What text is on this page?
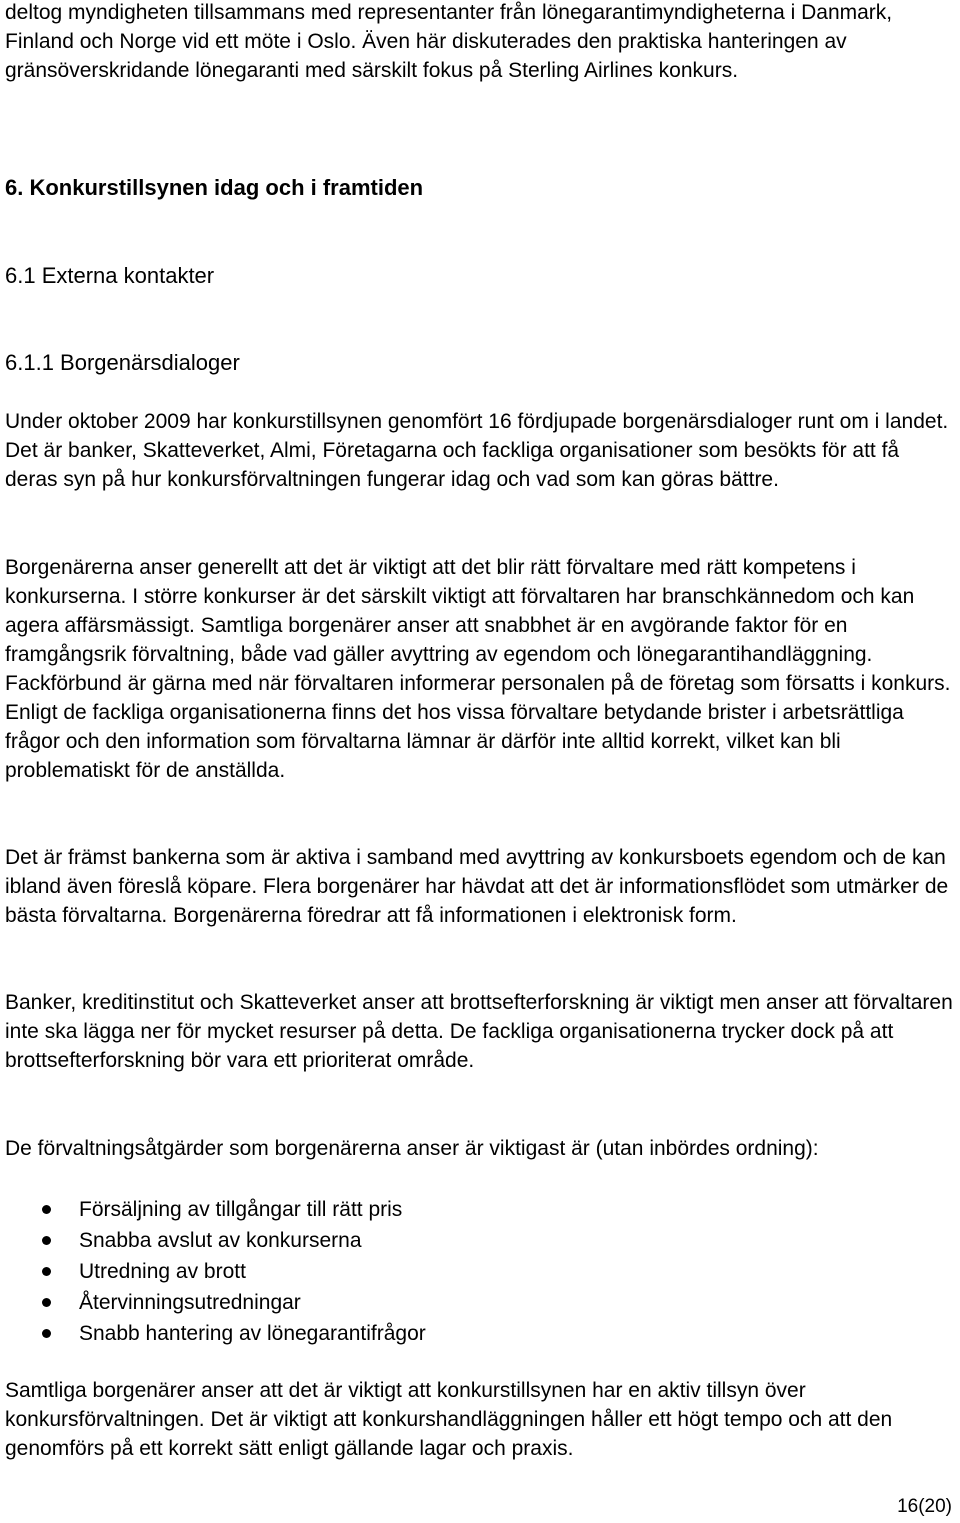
deltog myndigheten tillsammans med representanter från lönegarantimyndigheterna i Danmark, Finland och Norge vid ett möte i Oslo. Även här diskuterades den praktiska hanteringen av gränsöverskridande lönegaranti med särskilt fokus på Sterling Airlines konkurs.

6. Konkurstillsynen idag och i framtiden
6.1 Externa kontakter
6.1.1 Borgenärsdialoger

Under oktober 2009 har konkurstillsynen genomfört 16 fördjupade borgenärsdialoger runt om i landet. Det är banker, Skatteverket, Almi, Företagarna och fackliga organisationer som besökts för att få deras syn på hur konkursförvaltningen fungerar idag och vad som kan göras bättre.

Borgenärerna anser generellt att det är viktigt att det blir rätt förvaltare med rätt kompetens i konkurserna. I större konkurser är det särskilt viktigt att förvaltaren har branschkännedom och kan agera affärsmässigt. Samtliga borgenärer anser att snabbhet är en avgörande faktor för en framgångsrik förvaltning, både vad gäller avyttring av egendom och lönegarantihandläggning. Fackförbund är gärna med när förvaltaren informerar personalen på de företag som försatts i konkurs. Enligt de fackliga organisationerna finns det hos vissa förvaltare betydande brister i arbetsrättliga frågor och den information som förvaltarna lämnar är därför inte alltid korrekt, vilket kan bli problematiskt för de anställda.

Det är främst bankerna som är aktiva i samband med avyttring av konkursboets egendom och de kan ibland även föreslå köpare. Flera borgenärer har hävdat att det är informationsflödet som utmärker de bästa förvaltarna. Borgenärerna föredrar att få informationen i elektronisk form.

Banker, kreditinstitut och Skatteverket anser att brottsefterforskning är viktigt men anser att förvaltaren inte ska lägga ner för mycket resurser på detta. De fackliga organisationerna trycker dock på att brottsefterforskning bör vara ett prioriterat område.

De förvaltningsåtgärder som borgenärerna anser är viktigast är (utan inbördes ordning):

Försäljning av tillgångar till rätt pris
Snabba avslut av konkurserna
Utredning av brott
Återvinningsutredningar
Snabb hantering av lönegarantifrågor

Samtliga borgenärer anser att det är viktigt att konkurstillsynen har en aktiv tillsyn över konkursförvaltningen. Det är viktigt att konkurshandläggningen håller ett högt tempo och att den genomförs på ett korrekt sätt enligt gällande lagar och praxis.

16(20)
